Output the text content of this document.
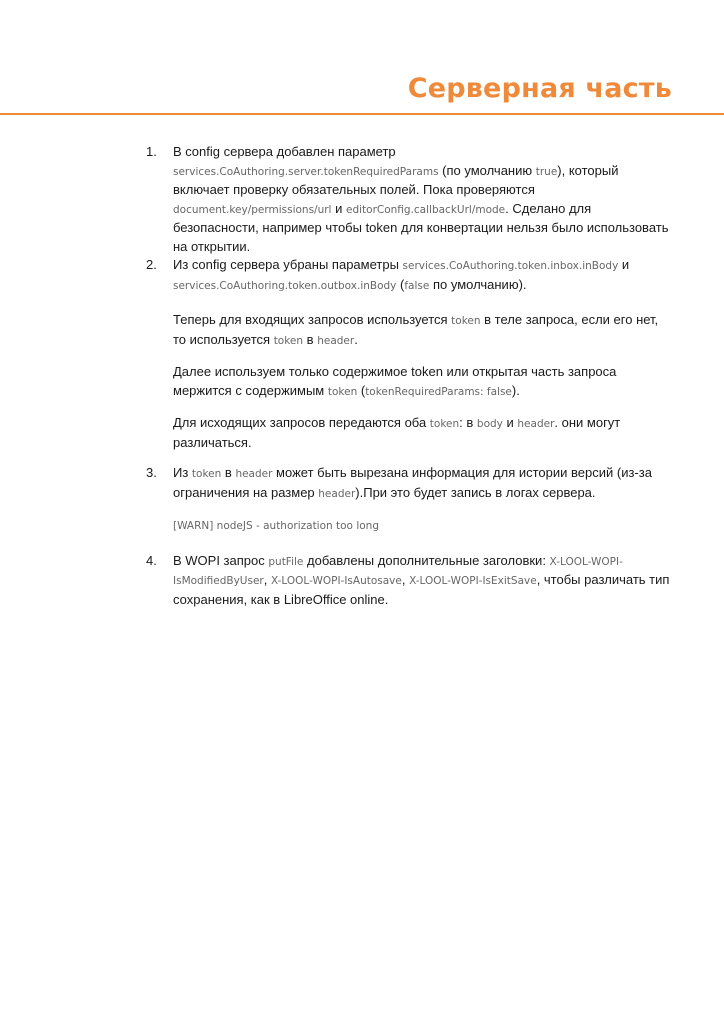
Серверная часть
1.	В config сервера добавлен параметр
services.CoAuthoring.server.tokenRequiredParams (по умолчанию true), который включает проверку обязательных полей. Пока проверяются
document.key/permissions/url и editorConfig.callbackUrl/mode. Сделано для безопасности, например чтобы token для конвертации нельзя было использовать на открытии.
2.	Из config сервера убраны параметры services.CoAuthoring.token.inbox.inBody и
services.CoAuthoring.token.outbox.inBody (false по умолчанию).
Теперь для входящих запросов используется token в теле запроса, если его нет, то используется token в header.
Далее используем только содержимое token или открытая часть запроса мержится с содержимым token (tokenRequiredParams: false).
Для исходящих запросов передаются оба token: в body и header. они могут различаться.
3.	Из token в header может быть вырезана информация для истории версий (из-за ограничения на размер header).При это будет запись в логах сервера.
[WARN] nodeJS - authorization too long
4.	В WOPI запрос putFile добавлены дополнительные заголовки: X-LOOL-WOPI-IsModifiedByUser, X-LOOL-WOPI-IsAutosave, X-LOOL-WOPI-IsExitSave, чтобы различать тип сохранения, как в LibreOffice online.
